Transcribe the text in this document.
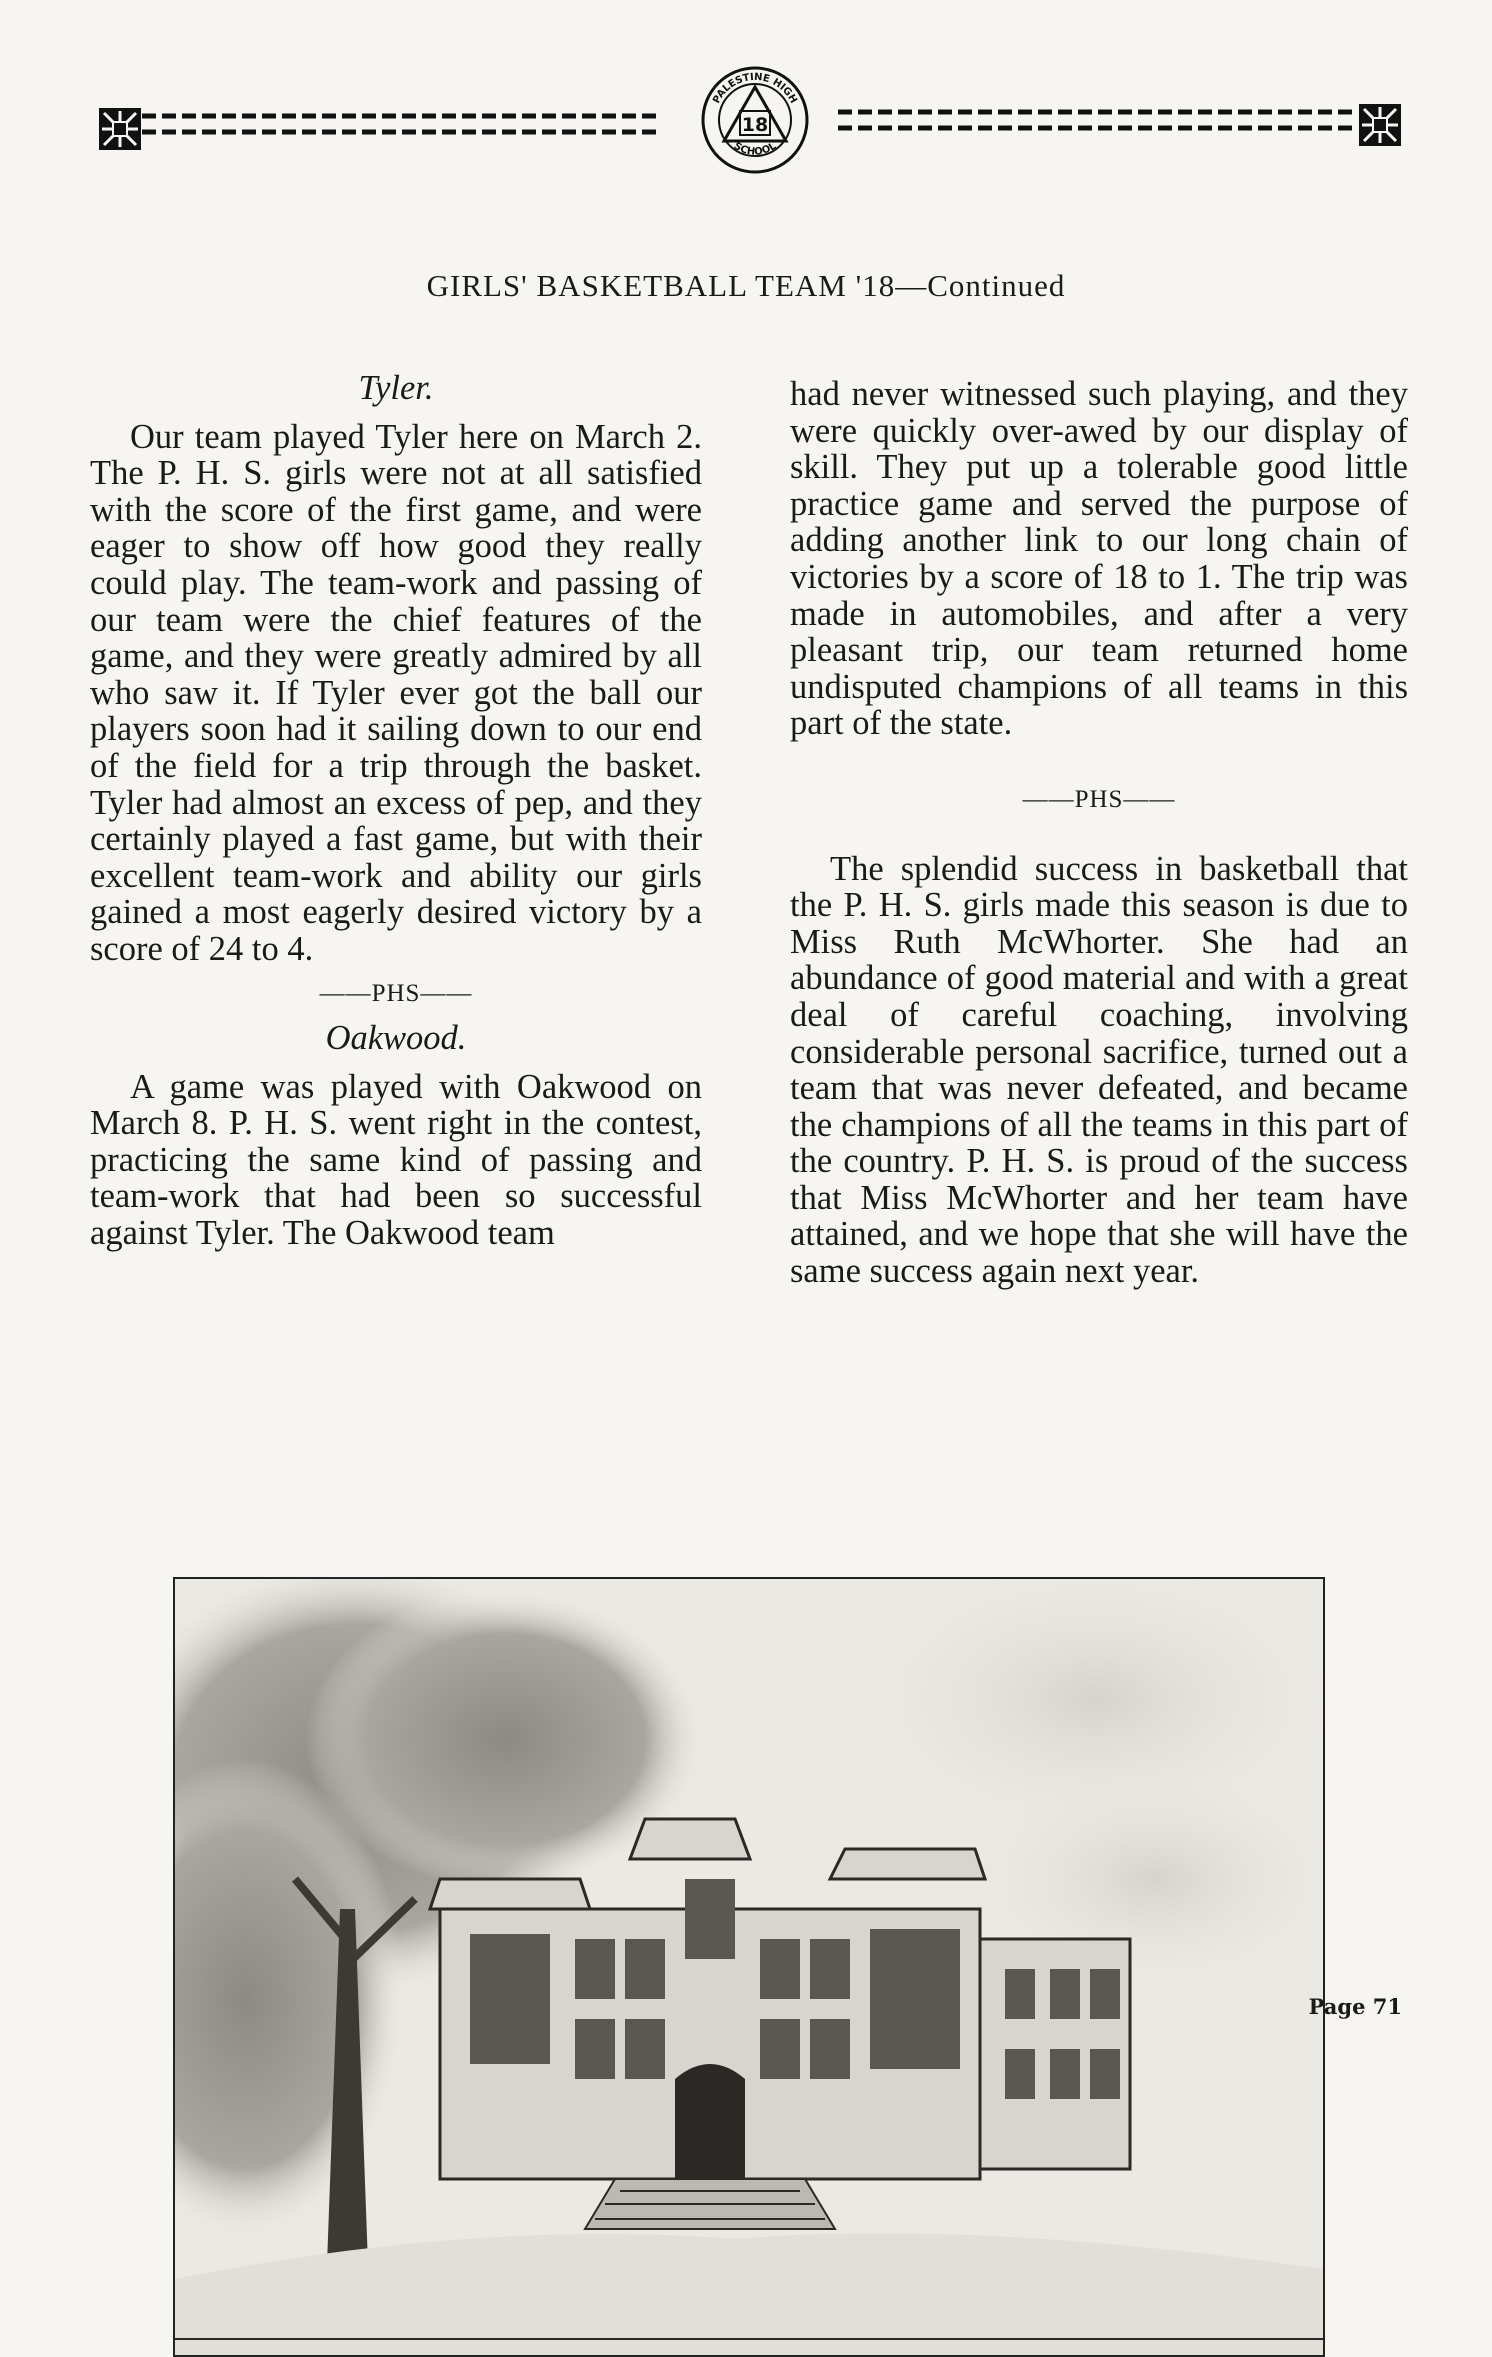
PALESTINE HIGH
SCHOOL
18
GIRLS' BASKETBALL TEAM '18—Continued
Tyler.

Our team played Tyler here on March 2. The P. H. S. girls were not at all satisfied with the score of the first game, and were eager to show off how good they really could play. The team-work and passing of our team were the chief features of the game, and they were greatly admired by all who saw it. If Tyler ever got the ball our players soon had it sailing down to our end of the field for a trip through the basket. Tyler had almost an excess of pep, and they certainly played a fast game, but with their excellent team-work and ability our girls gained a most eagerly desired victory by a score of 24 to 4.

——PHS——
Oakwood.

A game was played with Oakwood on March 8. P. H. S. went right in the contest, practicing the same kind of passing and team-work that had been so successful against Tyler. The Oakwood team

had never witnessed such playing, and they were quickly over-awed by our display of skill. They put up a tolerable good little practice game and served the purpose of adding another link to our long chain of victories by a score of 18 to 1. The trip was made in automobiles, and after a very pleasant trip, our team returned home undisputed champions of all teams in this part of the state.

——PHS——

The splendid success in basketball that the P. H. S. girls made this season is due to Miss Ruth McWhorter. She had an abundance of good material and with a great deal of careful coaching, involving considerable personal sacrifice, turned out a team that was never defeated, and became the champions of all the teams in this part of the country. P. H. S. is proud of the success that Miss McWhorter and her team have attained, and we hope that she will have the same success again next year.

Page 71
